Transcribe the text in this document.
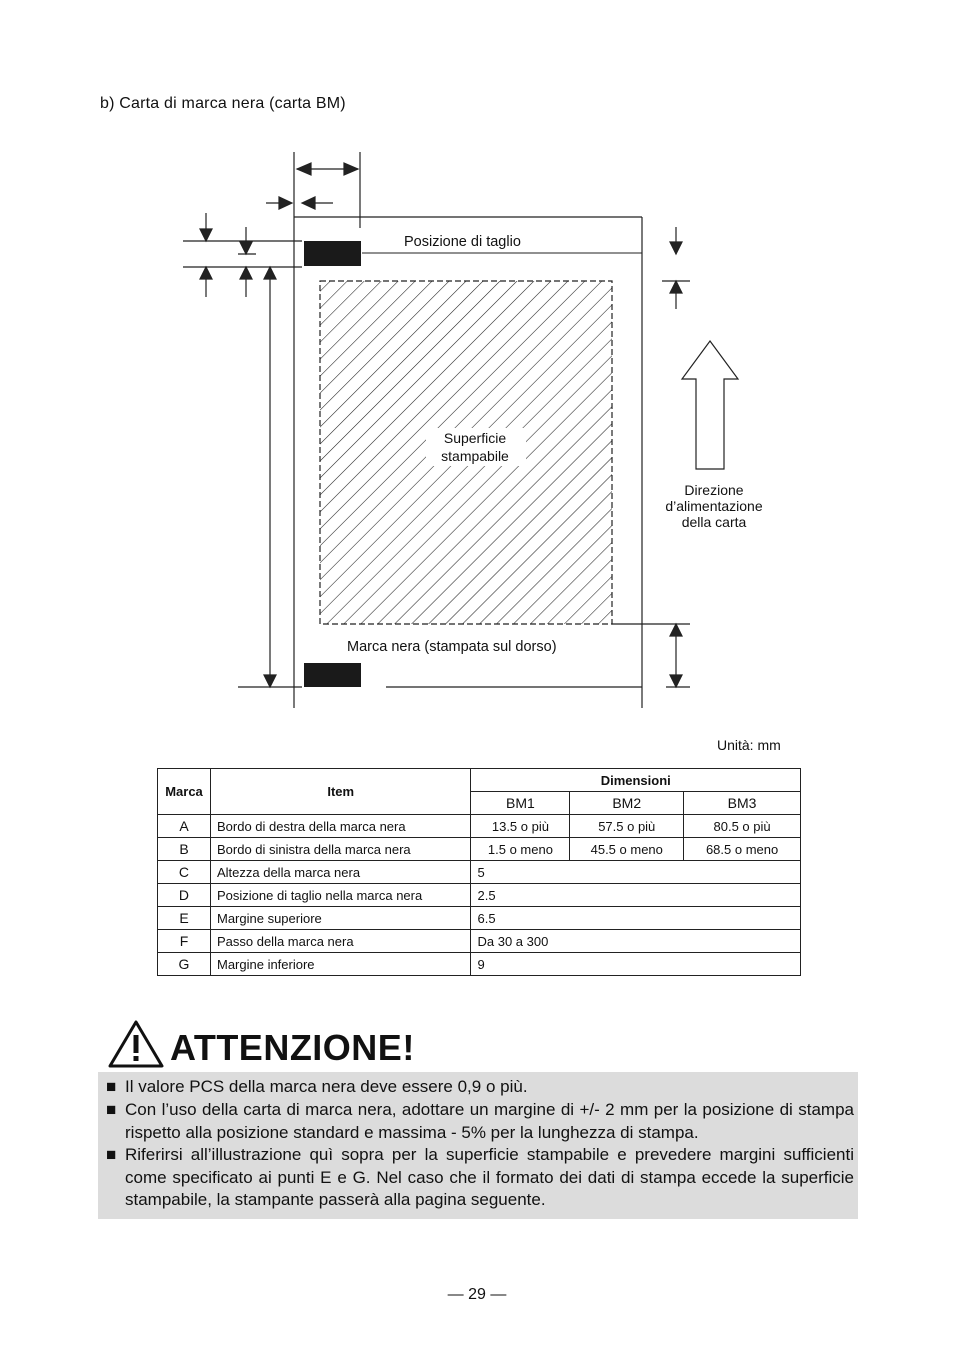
b) Carta di marca nera (carta BM)
Posizione di taglio
Superficie
stampabile
Direzione
d’alimentazione
della carta
Marca nera (stampata sul dorso)
Unità: mm
Marca	Item	Dimensioni		
		BM1	BM2	BM3
A	Bordo di destra della marca nera	13.5 o più	57.5 o più	80.5 o più
B	Bordo di sinistra della marca nera	1.5 o meno	45.5 o meno	68.5 o meno
C	Altezza della marca nera	5		
D	Posizione di taglio nella marca nera	2.5		
E	Margine superiore	6.5		
F	Passo della marca nera	Da 30 a 300		
G	Margine inferiore	9		
ATTENZIONE!
■ Il valore PCS della marca nera deve essere 0,9 o più.
■ Con l’uso della carta di marca nera, adottare un margine di +/- 2 mm per la posizione di stampa rispetto alla posizione standard e massima - 5% per la lunghezza di stampa.
■ Riferirsi all’illustrazione quì sopra per la superficie stampabile e prevedere margini sufficienti come specificato ai punti E e G. Nel caso che il formato dei dati di stampa eccede la superficie stampabile, la stampante passerà alla pagina seguente.
— 29 —
